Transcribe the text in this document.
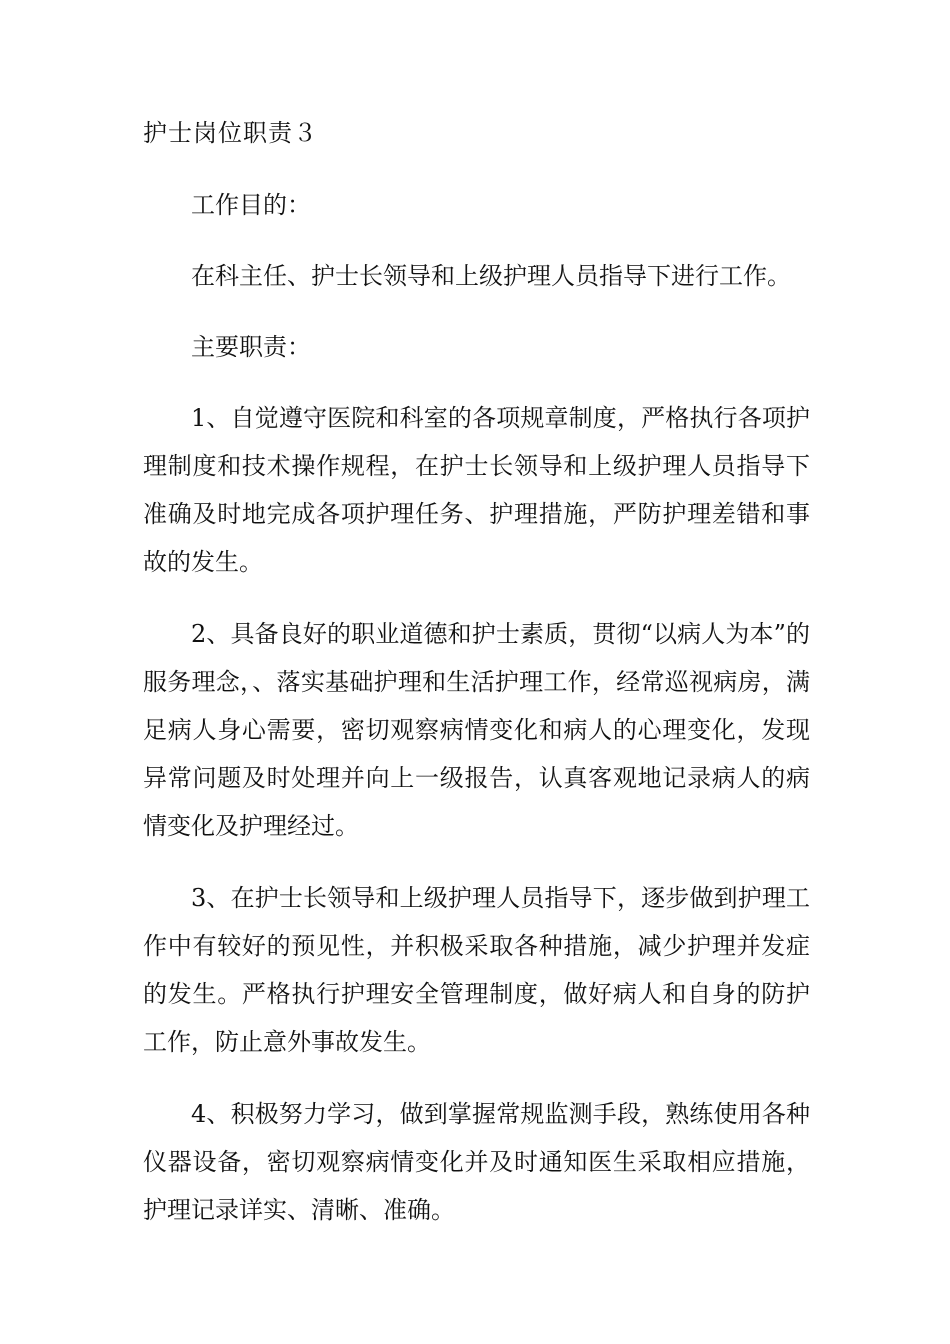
护士岗位职责３

工作目的：

在科主任、护士长领导和上级护理人员指导下进行工作。

主要职责：

1、自觉遵守医院和科室的各项规章制度，严格执行各项护理制度和技术操作规程，在护士长领导和上级护理人员指导下准确及时地完成各项护理任务、护理措施，严防护理差错和事故的发生。

2、具备良好的职业道德和护士素质，贯彻“以病人为本”的服务理念，、落实基础护理和生活护理工作，经常巡视病房，满足病人身心需要，密切观察病情变化和病人的心理变化，发现异常问题及时处理并向上一级报告，认真客观地记录病人的病情变化及护理经过。

3、在护士长领导和上级护理人员指导下，逐步做到护理工作中有较好的预见性，并积极采取各种措施，减少护理并发症的发生。严格执行护理安全管理制度，做好病人和自身的防护工作，防止意外事故发生。

4、积极努力学习，做到掌握常规监测手段，熟练使用各种仪器设备，密切观察病情变化并及时通知医生采取相应措施，护理记录详实、清晰、准确。
